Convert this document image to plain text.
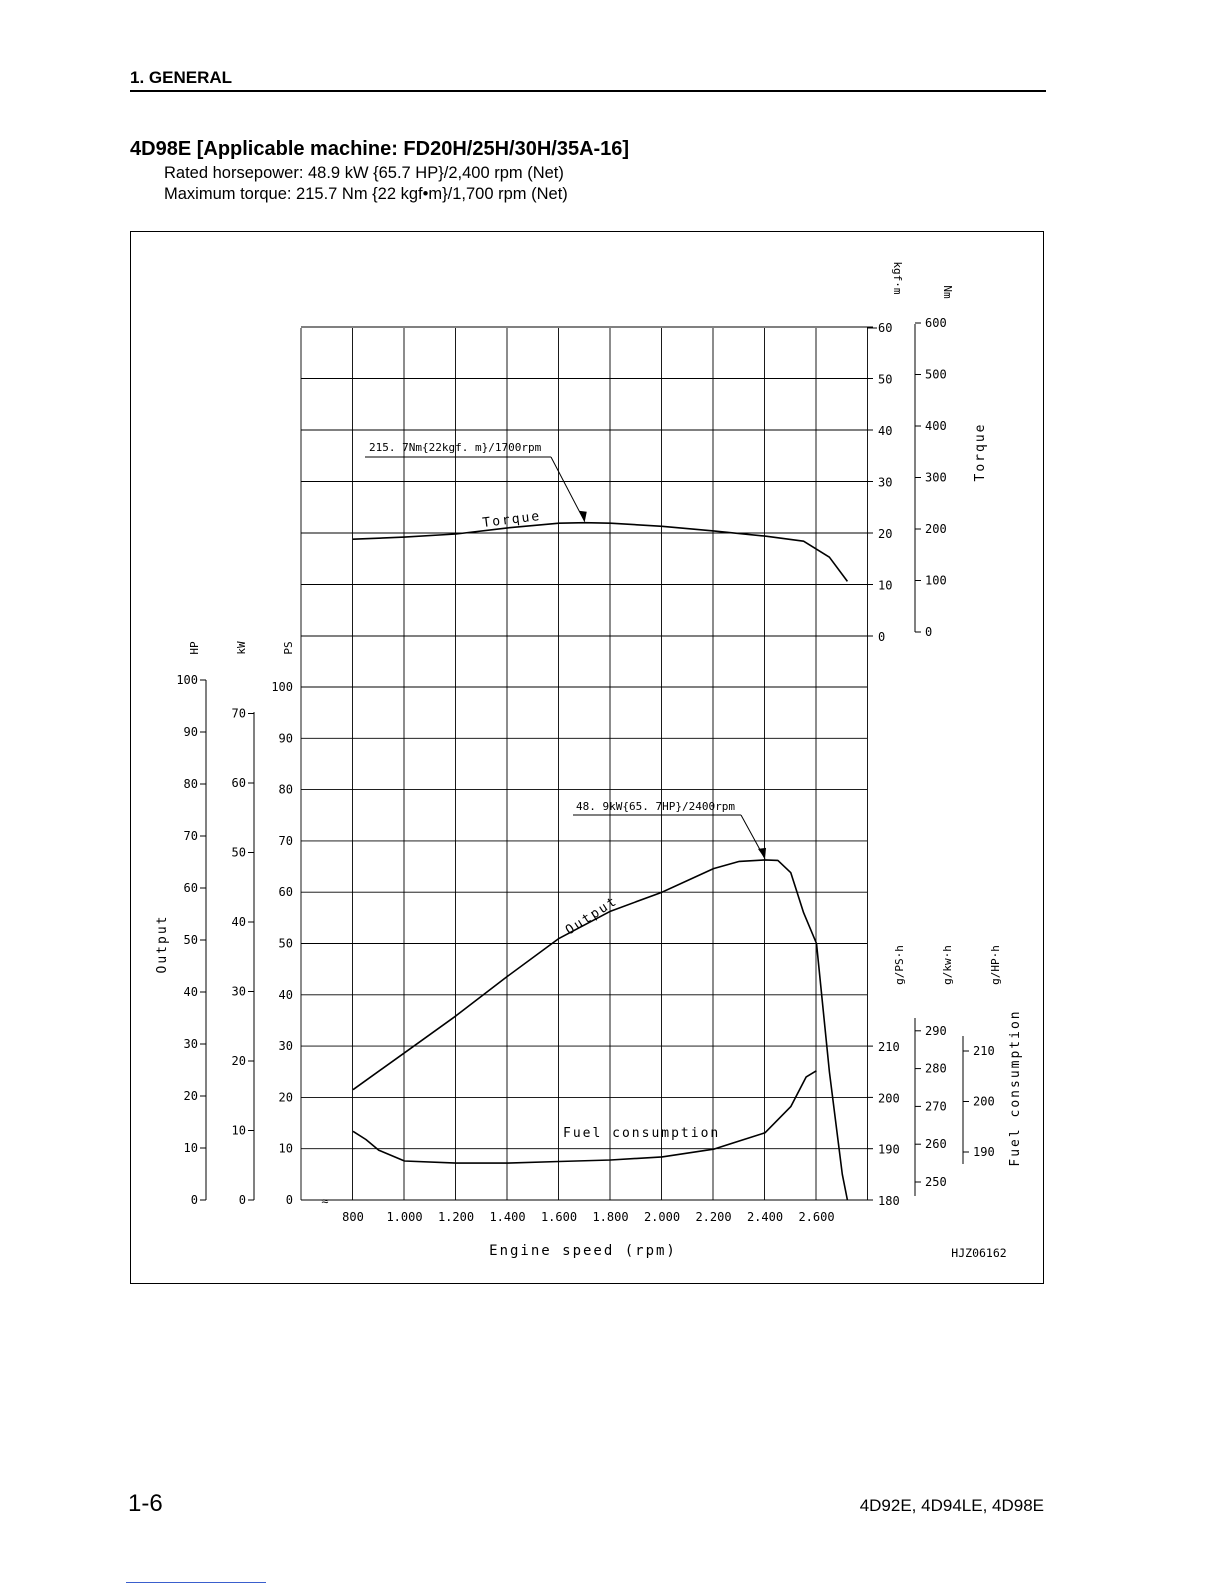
1. GENERAL
4D98E [Applicable machine: FD20H/25H/30H/35A-16]
Rated horsepower: 48.9 kW {65.7 HP}/2,400 rpm (Net)
Maximum torque: 215.7 Nm {22 kgf•m}/1,700 rpm (Net)
≈
800 1.000 1.200 1.400 1.600 1.800 2.000 2.200 2.400 2.600
Engine speed (rpm)	HJZ06162
0
10
20
30
40
50
60
kgf·m
0
100
200
300
400
500
600
Nm
Torque
0
10
20
30
40
50
60
70
80
90
100
HP
0
10
20
30
40
50
60
70
kW
0
10
20
30
40
50
60
70
80
90
100
PS
Output
180
190
200
210
g/PS·h
250
260
270
280
290
g/kw·h
190
200
210
g/HP·h
Fuel consumption
Torque
Output
Fuel consumption
215. 7Nm{22kgf. m}/1700rpm
48. 9kW{65. 7HP}/2400rpm
1-6	4D92E, 4D94LE, 4D98E
